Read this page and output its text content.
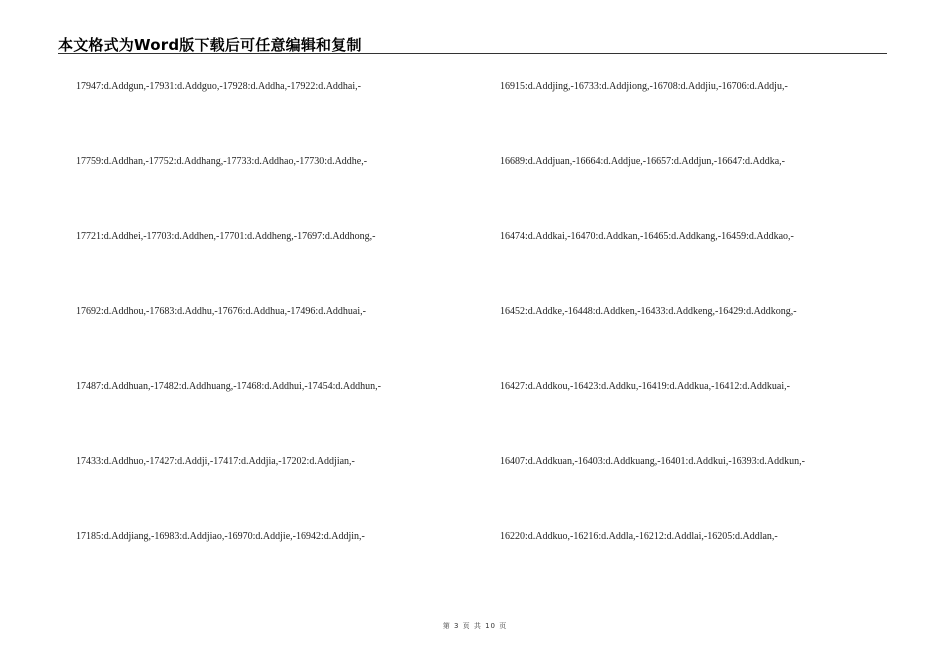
本文格式为Word版下载后可任意编辑和复制
17947:d.Addgun,-17931:d.Addguo,-17928:d.Addha,-17922:d.Addhai,-
17759:d.Addhan,-17752:d.Addhang,-17733:d.Addhao,-17730:d.Addhe,-
17721:d.Addhei,-17703:d.Addhen,-17701:d.Addheng,-17697:d.Addhong,-
17692:d.Addhou,-17683:d.Addhu,-17676:d.Addhua,-17496:d.Addhuai,-
17487:d.Addhuan,-17482:d.Addhuang,-17468:d.Addhui,-17454:d.Addhun,-
17433:d.Addhuo,-17427:d.Addji,-17417:d.Addjia,-17202:d.Addjian,-
17185:d.Addjiang,-16983:d.Addjiao,-16970:d.Addjie,-16942:d.Addjin,-
16915:d.Addjing,-16733:d.Addjiong,-16708:d.Addjiu,-16706:d.Addju,-
16689:d.Addjuan,-16664:d.Addjue,-16657:d.Addjun,-16647:d.Addka,-
16474:d.Addkai,-16470:d.Addkan,-16465:d.Addkang,-16459:d.Addkao,-
16452:d.Addke,-16448:d.Addken,-16433:d.Addkeng,-16429:d.Addkong,-
16427:d.Addkou,-16423:d.Addku,-16419:d.Addkua,-16412:d.Addkuai,-
16407:d.Addkuan,-16403:d.Addkuang,-16401:d.Addkui,-16393:d.Addkun,-
16220:d.Addkuo,-16216:d.Addla,-16212:d.Addlai,-16205:d.Addlan,-
第 3 页 共 10 页
